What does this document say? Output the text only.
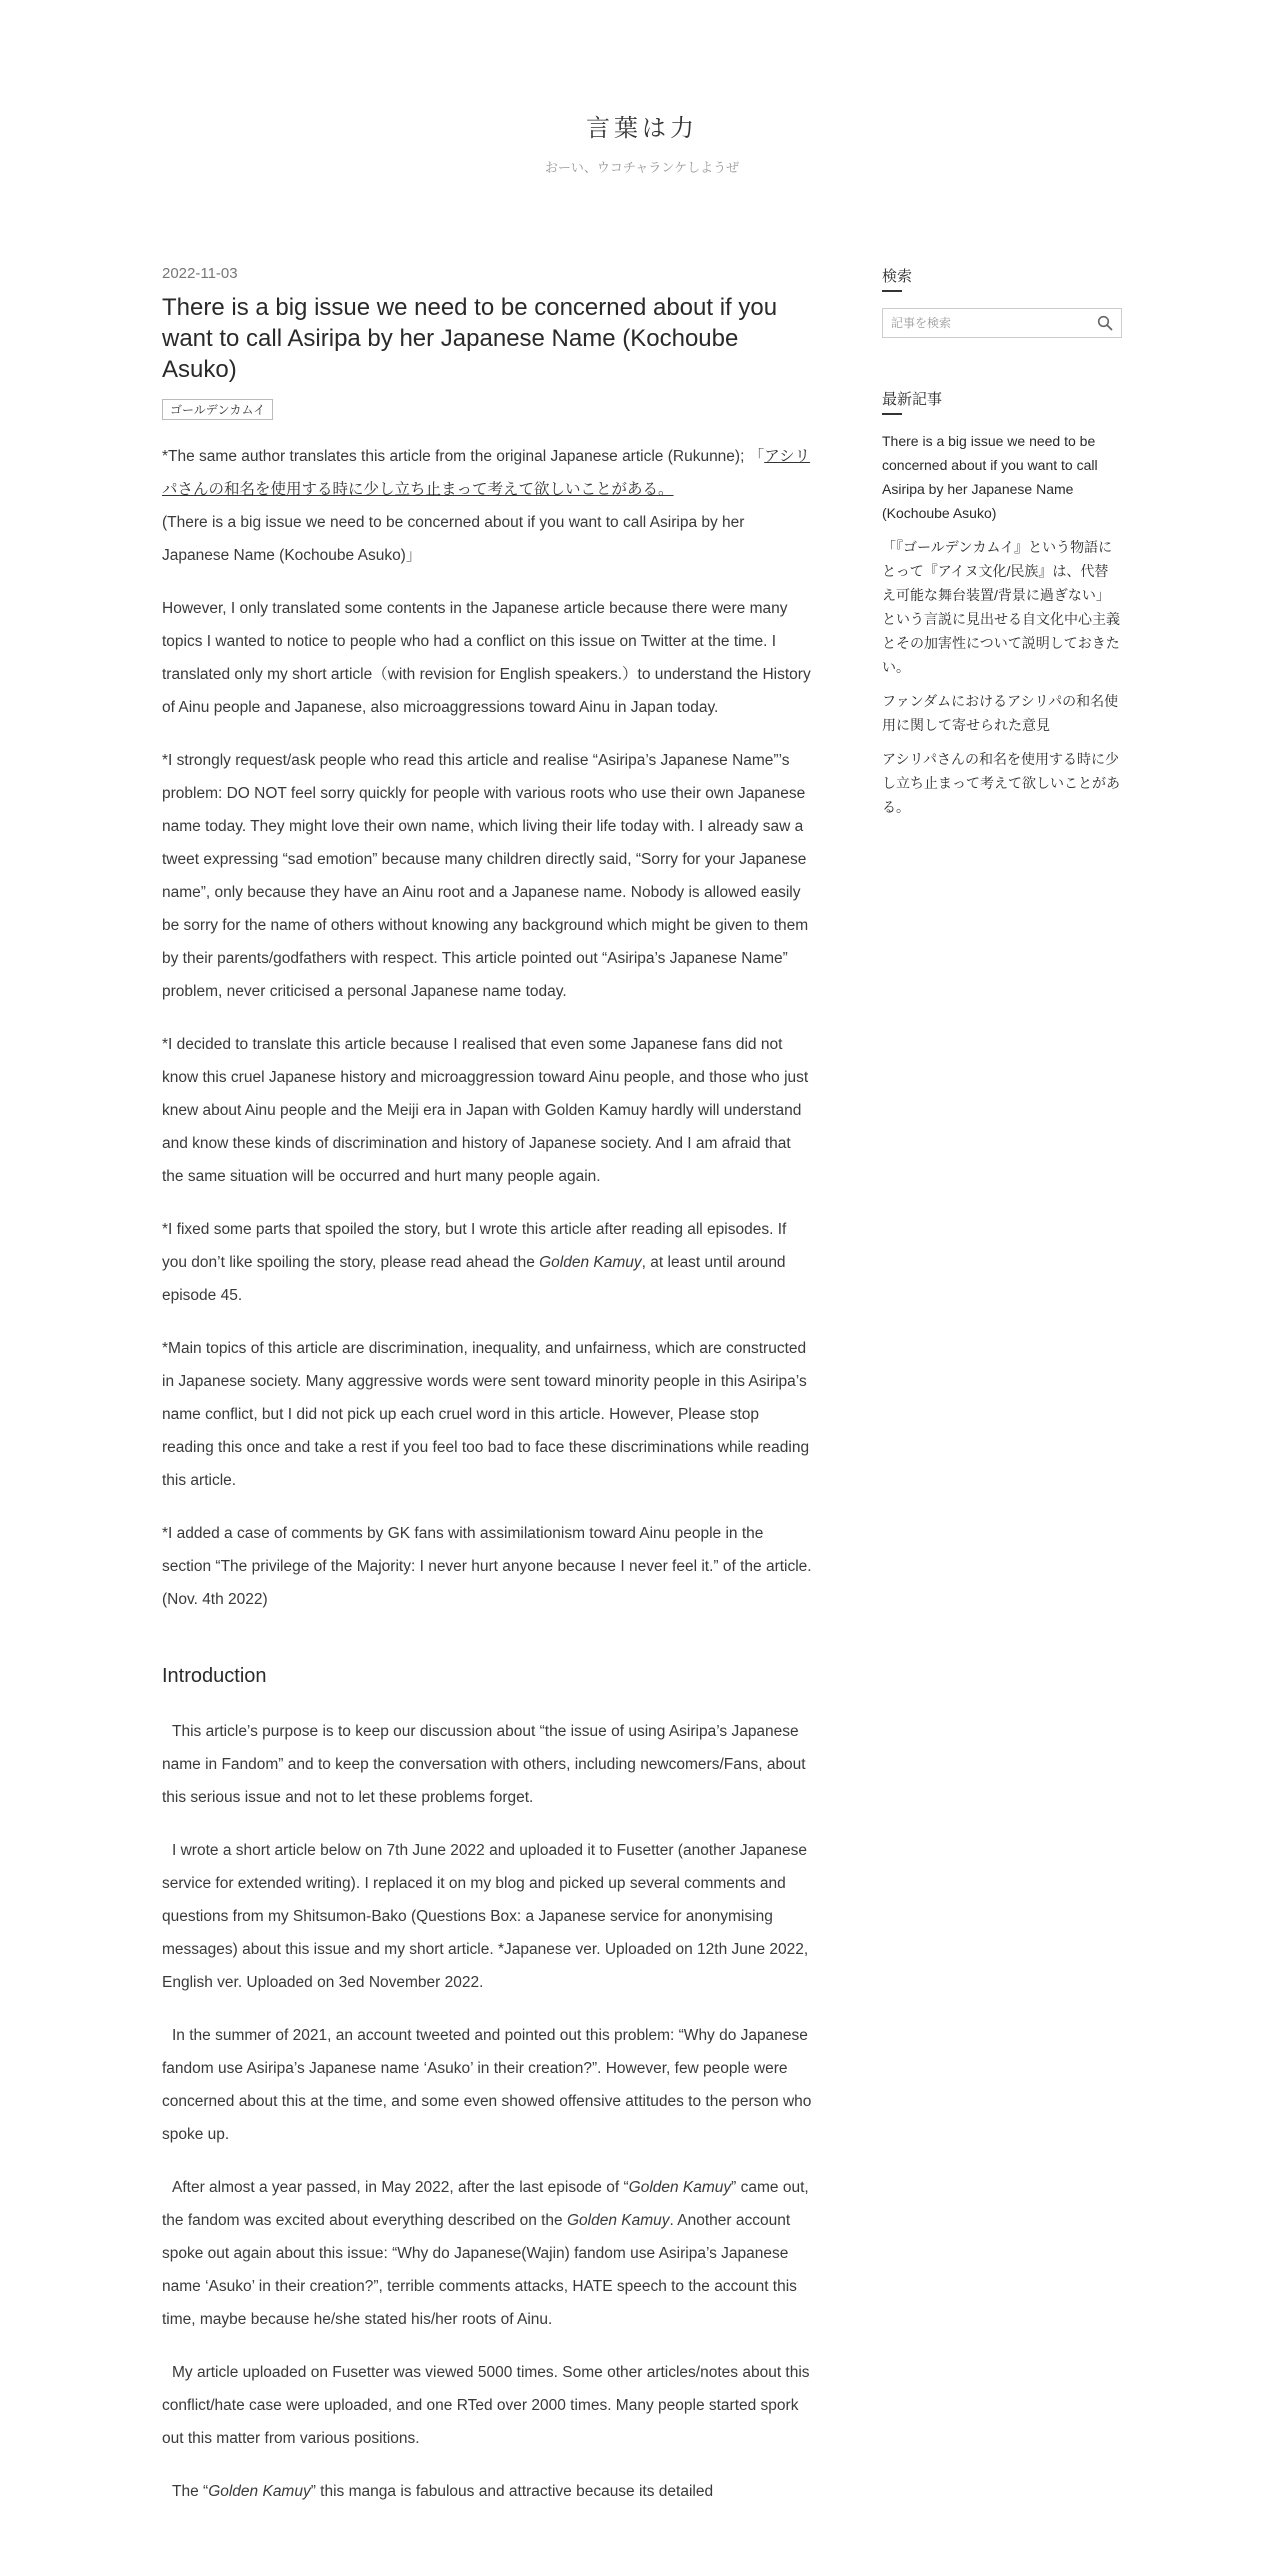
言葉は力
おーい、ウコチャランケしようぜ
2022-11-03
There is a big issue we need to be concerned about if you want to call Asiripa by her Japanese Name (Kochoube Asuko)
ゴールデンカムイ

*The same author translates this article from the original Japanese article (Rukunne); 「アシリパさんの和名を使用する時に少し立ち止まって考えて欲しいことがある。
(There is a big issue we need to be concerned about if you want to call Asiripa by her Japanese Name (Kochoube Asuko)」

However, I only translated some contents in the Japanese article because there were many topics I wanted to notice to people who had a conflict on this issue on Twitter at the time. I translated only my short article（with revision for English speakers.）to understand the History of Ainu people and Japanese, also microaggressions toward Ainu in Japan today.

*I strongly request/ask people who read this article and realise “Asiripa’s Japanese Name”’s problem: DO NOT feel sorry quickly for people with various roots who use their own Japanese name today. They might love their own name, which living their life today with. I already saw a tweet expressing “sad emotion” because many children directly said, “Sorry for your Japanese name”, only because they have an Ainu root and a Japanese name. Nobody is allowed easily be sorry for the name of others without knowing any background which might be given to them by their parents/godfathers with respect. This article pointed out “Asiripa’s Japanese Name” problem, never criticised a personal Japanese name today.

*I decided to translate this article because I realised that even some Japanese fans did not know this cruel Japanese history and microaggression toward Ainu people, and those who just knew about Ainu people and the Meiji era in Japan with Golden Kamuy hardly will understand and know these kinds of discrimination and history of Japanese society. And I am afraid that the same situation will be occurred and hurt many people again.

*I fixed some parts that spoiled the story, but I wrote this article after reading all episodes. If you don’t like spoiling the story, please read ahead the Golden Kamuy, at least until around episode 45.

*Main topics of this article are discrimination, inequality, and unfairness, which are constructed in Japanese society. Many aggressive words were sent toward minority people in this Asiripa’s name conflict, but I did not pick up each cruel word in this article. However, Please stop reading this once and take a rest if you feel too bad to face these discriminations while reading this article.

*I added a case of comments by GK fans with assimilationism toward Ainu people in the section “The privilege of the Majority: I never hurt anyone because I never feel it.” of the article. (Nov. 4th 2022)

Introduction

This article’s purpose is to keep our discussion about “the issue of using Asiripa’s Japanese name in Fandom” and to keep the conversation with others, including newcomers/Fans, about this serious issue and not to let these problems forget.

I wrote a short article below on 7th June 2022 and uploaded it to Fusetter (another Japanese service for extended writing). I replaced it on my blog and picked up several comments and questions from my Shitsumon-Bako (Questions Box: a Japanese service for anonymising messages) about this issue and my short article. *Japanese ver. Uploaded on 12th June 2022, English ver. Uploaded on 3ed November 2022.

In the summer of 2021, an account tweeted and pointed out this problem: “Why do Japanese fandom use Asiripa’s Japanese name ‘Asuko’ in their creation?”. However, few people were concerned about this at the time, and some even showed offensive attitudes to the person who spoke up.

After almost a year passed, in May 2022, after the last episode of “Golden Kamuy” came out, the fandom was excited about everything described on the Golden Kamuy. Another account spoke out again about this issue: “Why do Japanese(Wajin) fandom use Asiripa’s Japanese name ‘Asuko’ in their creation?”, terrible comments attacks, HATE speech to the account this time, maybe because he/she stated his/her roots of Ainu.

My article uploaded on Fusetter was viewed 5000 times. Some other articles/notes about this conflict/hate case were uploaded, and one RTed over 2000 times. Many people started spork out this matter from various positions.

The “Golden Kamuy” this manga is fabulous and attractive because its detailed

検索
記事を検索
最新記事
There is a big issue we need to be concerned about if you want to call Asiripa by her Japanese Name (Kochoube Asuko)
「『ゴールデンカムイ』という物語にとって『アイヌ文化/民族』は、代替え可能な舞台装置/背景に過ぎない」という言説に見出せる自文化中心主義とその加害性について説明しておきたい。
ファンダムにおけるアシリパの和名使用に関して寄せられた意見
アシリパさんの和名を使用する時に少し立ち止まって考えて欲しいことがある。
